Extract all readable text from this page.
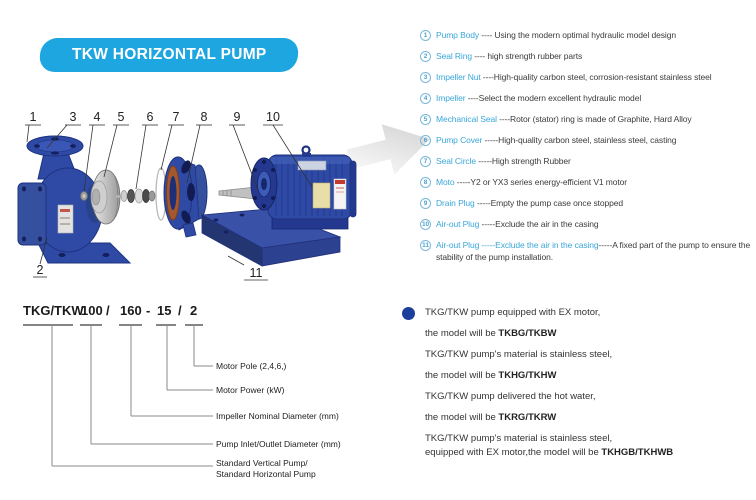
TKW HORIZONTAL PUMP
1	3 4 5 6 7 8 9 10
2	11
1	Pump Body ---- Using the modern optimal hydraulic model design
2	Seal Ring ---- high strength rubber parts
3	Impeller Nut ----High-quality carbon steel, corrosion-resistant stainless steel
4	Impeller ----Select the modern excellent hydraulic model
5	Mechanical Seal ----Rotor (stator) ring is made of Graphite, Hard Alloy
6	Pump Cover -----High-quality carbon steel, stainless steel, casting
7	Seal Circle -----High strength Rubber
8	Moto -----Y2 or YX3 series energy-efficient V1 motor
9	Drain Plug -----Empty the pump case once stopped
10 Air-out Plug -----Exclude the air in the casing
11 Air-out Plug -----Exclude the air in the casing-----A fixed part of the pump to ensure the stability of the pump installation.
TKG/TKW
100 / 160 - 15 / 2
Motor Pole (2,4,6,)
Motor Power (kW)
Impeller Nominal Diameter (mm)
Pump Inlet/Outlet Diameter (mm)
Standard Vertical Pump/
Standard Horizontal Pump
TKG/TKW pump equipped with EX motor,
the model will be TKBG/TKBW
TKG/TKW pump's material is stainless steel,
the model will be TKHG/TKHW
TKG/TKW pump delivered the hot water,
the model will be TKRG/TKRW
TKG/TKW pump's material is stainless steel,
equipped with EX motor,the model will be TKHGB/TKHWB
